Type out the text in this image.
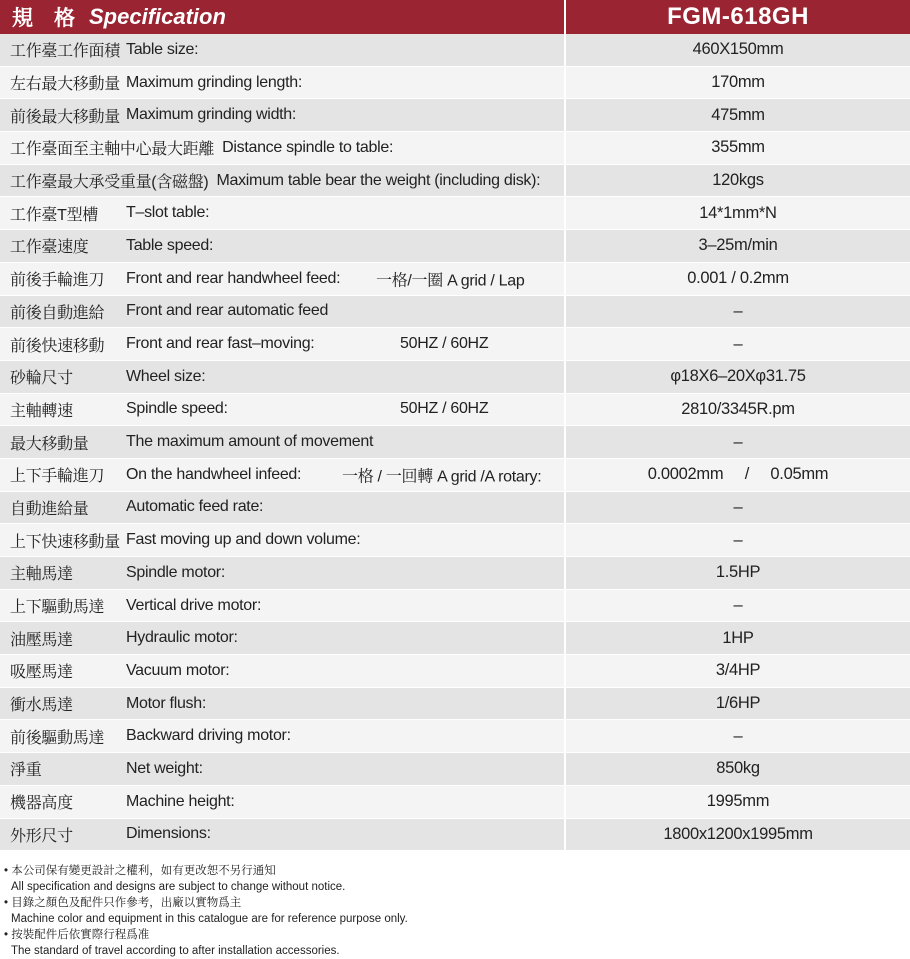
規　格 Specification	FGM-618GH
工作臺工作面積 Table size:	460X150mm
左右最大移動量 Maximum grinding length:	170mm
前後最大移動量 Maximum grinding width:	475mm
工作臺面至主軸中心最大距離 Distance spindle to table:	355mm
工作臺最大承受重量(含磁盤) Maximum table bear the weight (including disk):	120kgs
工作臺T型槽	T–slot table:	14*1mm*N
工作臺速度	Table speed:	3–25m/min
前後手輪進刀	Front and rear handwheel feed: 一格/一圈 A grid / Lap	0.001 / 0.2mm
前後自動進給	Front and rear automatic feed	–
前後快速移動	Front and rear fast–moving:	50HZ / 60HZ	–
砂輪尺寸	Wheel size:	φ18X6–20Xφ31.75
主軸轉速	Spindle speed:	50HZ / 60HZ	2810/3345R.pm
最大移動量	The maximum amount of movement	–
上下手輪進刀	On the handwheel infeed:	一格 / 一回轉 A grid /A rotary:	0.0002mm     /     0.05mm
自動進給量	Automatic feed rate:	–
上下快速移動量 Fast moving up and down volume:	–
主軸馬達	Spindle motor:	1.5HP
上下驅動馬達	Vertical drive motor:	–
油壓馬達	Hydraulic motor:	1HP
吸壓馬達	Vacuum motor:	3/4HP
衝水馬達	Motor flush:	1/6HP
前後驅動馬達	Backward driving motor:	–
淨重	Net weight:	850kg
機器高度	Machine height:	1995mm
外形尺寸	Dimensions:	1800x1200x1995mm
• 本公司保有變更設計之權利，如有更改恕不另行通知
All specification and designs are subject to change without notice.
• 目錄之顏色及配件只作參考，出廠以實物爲主
Machine color and equipment in this catalogue are for reference purpose only.
• 按裝配件后依實際行程爲准
The standard of travel according to after installation accessories.
